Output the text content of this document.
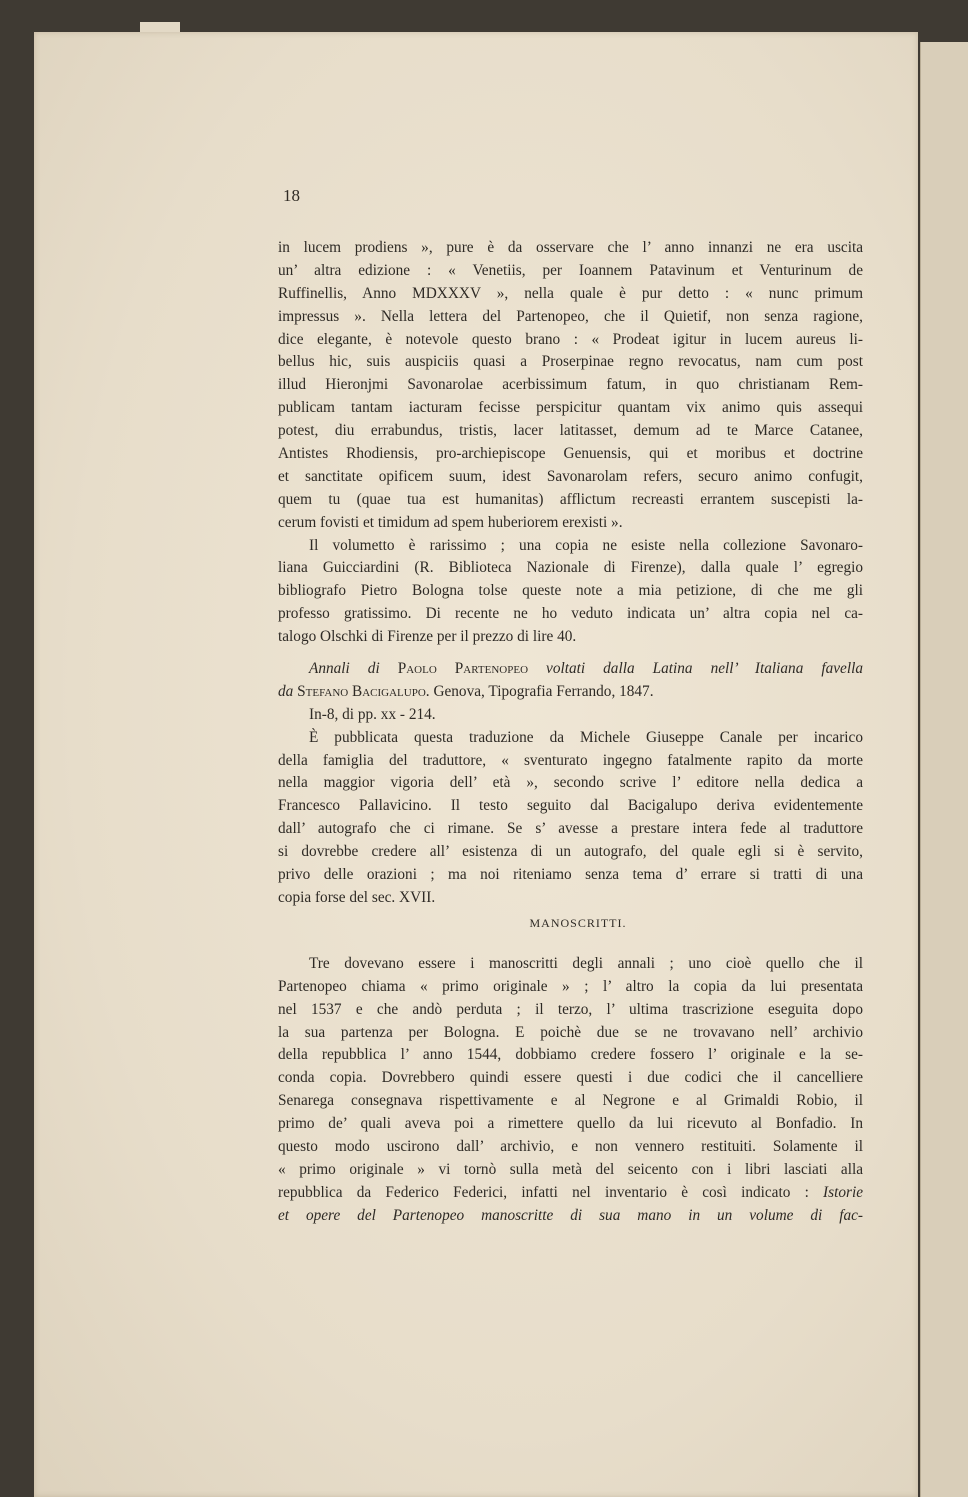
18
in lucem prodiens », pure è da osservare che l’ anno innanzi ne era uscita
un’ altra edizione : « Venetiis, per Ioannem Patavinum et Venturinum de
Ruffinellis, Anno MDXXXV », nella quale è pur detto : « nunc primum
impressus ». Nella lettera del Partenopeo, che il Quietif, non senza ragione,
dice elegante, è notevole questo brano : « Prodeat igitur in lucem aureus li-
bellus hic, suis auspiciis quasi a Proserpinae regno revocatus, nam cum post
illud Hieronjmi Savonarolae acerbissimum fatum, in quo christianam Rem-
publicam tantam iacturam fecisse perspicitur quantam vix animo quis assequi
potest, diu errabundus, tristis, lacer latitasset, demum ad te Marce Catanee,
Antistes Rhodiensis, pro-archiepiscope Genuensis, qui et moribus et doctrine
et sanctitate opificem suum, idest Savonarolam refers, securo animo confugit,
quem tu (quae tua est humanitas) afflictum recreasti errantem suscepisti la-
cerum fovisti et timidum ad spem huberiorem erexisti ».
Il volumetto è rarissimo ; una copia ne esiste nella collezione Savonaro-
liana Guicciardini (R. Biblioteca Nazionale di Firenze), dalla quale l’ egregio
bibliografo Pietro Bologna tolse queste note a mia petizione, di che me gli
professo gratissimo. Di recente ne ho veduto indicata un’ altra copia nel ca-
talogo Olschki di Firenze per il prezzo di lire 40.
Annali di Paolo Partenopeo voltati dalla Latina nell’ Italiana favella
da Stefano Bacigalupo. Genova, Tipografia Ferrando, 1847.
In-8, di pp. xx - 214.
È pubblicata questa traduzione da Michele Giuseppe Canale per incarico
della famiglia del traduttore, « sventurato ingegno fatalmente rapito da morte
nella maggior vigoria dell’ età », secondo scrive l’ editore nella dedica a
Francesco Pallavicino. Il testo seguito dal Bacigalupo deriva evidentemente
dall’ autografo che ci rimane. Se s’ avesse a prestare intera fede al traduttore
si dovrebbe credere all’ esistenza di un autografo, del quale egli si è servito,
privo delle orazioni ; ma noi riteniamo senza tema d’ errare si tratti di una
copia forse del sec. XVII.
MANOSCRITTI.
Tre dovevano essere i manoscritti degli annali ; uno cioè quello che il
Partenopeo chiama « primo originale » ; l’ altro la copia da lui presentata
nel 1537 e che andò perduta ; il terzo, l’ ultima trascrizione eseguita dopo
la sua partenza per Bologna. E poichè due se ne trovavano nell’ archivio
della repubblica l’ anno 1544, dobbiamo credere fossero l’ originale e la se-
conda copia. Dovrebbero quindi essere questi i due codici che il cancelliere
Senarega consegnava rispettivamente e al Negrone e al Grimaldi Robio, il
primo de’ quali aveva poi a rimettere quello da lui ricevuto al Bonfadio. In
questo modo uscirono dall’ archivio, e non vennero restituiti. Solamente il
« primo originale » vi tornò sulla metà del seicento con i libri lasciati alla
repubblica da Federico Federici, infatti nel inventario è così indicato : Istorie
et opere del Partenopeo manoscritte di sua mano in un volume di fac-
